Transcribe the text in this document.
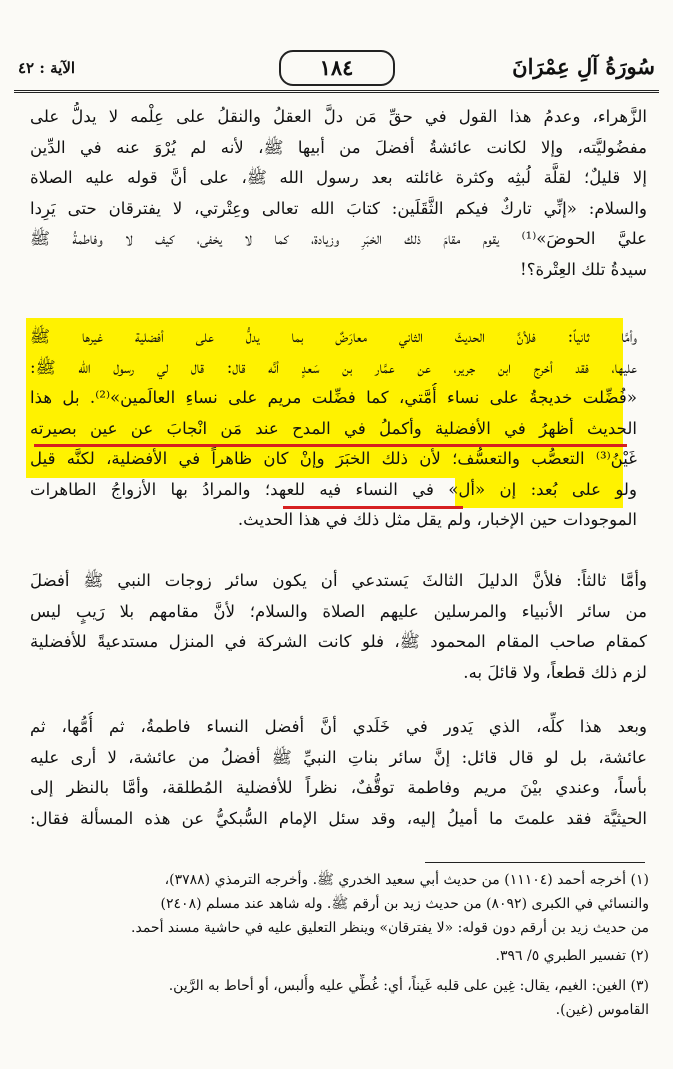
سُورَةُ آلِ عِمْرَانَ
١٨٤
الآية : ٤٢
الزَّهراء، وعدمُ هذا القول في حقِّ مَن دلَّ العقلُ والنقلُ على عِلْمه لا يدلُّ على
مفضُوليَّته، وإلا لكانت عائشةُ أفضلَ من أبيها ﷺ، لأنه لم يُرْوَ عنه في الدِّين
إلا قليلٌ؛ لقلَّة لُبثِه وكثرة غائلته بعد رسول الله ﷺ، على أنَّ قوله عليه الصلاة
والسلام: «إنِّي تاركٌ فيكم الثَّقَلَين: كتابَ الله تعالى وعِتْرتي، لا يفترقان حتى يَرِدا
عليَّ الحوضَ»⁽¹⁾ يقوم مقامَ ذلك الخبَرِ وزيادة، كما لا يخفى، كيف لا وفاطمةُ ﷺ
سيدةُ تلك العِتْرة؟!
وأمَّا ثانياً: فلأنَّ الحديثَ الثاني معارَضٌ بما يدلُّ على أفضلية غيرها ﷺ
عليها، فقد أخرج ابن جرير، عن عمَّار بن سَعدٍ أنَّه قال: قال لي رسول الله ﷺ:
«فُضِّلت خديجةُ على نساء أُمَّتي، كما فضِّلت مريم على نساءِ العالَمين»⁽²⁾. بل هذا
الحديث أظهرُ في الأفضلية وأكملُ في المدح عند مَن انْجابَ عن عين بصيرته
غَيْنُ⁽³⁾ التعصُّب والتعسُّف؛ لأن ذلك الخبَرَ وإنْ كان ظاهراً في الأفضلية، لكنَّه قيل
ولو على بُعد: إن «أل» في النساء فيه للعهد؛ والمرادُ بها الأزواجُ الطاهرات
الموجودات حين الإخبار، ولم يقل مثل ذلك في هذا الحديث.
وأمَّا ثالثاً: فلأنَّ الدليلَ الثالثَ يَستدعي أن يكون سائر زوجات النبي ﷺ أفضلَ
من سائر الأنبياء والمرسلين عليهم الصلاة والسلام؛ لأنَّ مقامهم بلا رَيبٍ ليس
كمقام صاحب المقام المحمود ﷺ، فلو كانت الشركة في المنزل مستدعيةً للأفضلية
لزم ذلك قطعاً، ولا قائلَ به.
وبعد هذا كلِّه، الذي يَدور في خَلَدي أنَّ أفضل النساء فاطمةُ، ثم أُمُّها، ثم
عائشة، بل لو قال قائل: إنَّ سائر بناتِ النبيِّ ﷺ أفضلُ من عائشة، لا أرى عليه
بأساً، وعندي بيْنَ مريم وفاطمة توقُّفٌ، نظراً للأفضلية المُطلقة، وأمَّا بالنظر إلى
الحيثيَّة فقد علمتَ ما أميلُ إليه، وقد سئل الإمام السُّبكيُّ عن هذه المسألة فقال:
(١) أخرجه أحمد (١١١٠٤) من حديث أبي سعيد الخدري ﷺ. وأخرجه الترمذي (٣٧٨٨)،
والنسائي في الكبرى (٨٠٩٢) من حديث زيد بن أرقم ﷺ. وله شاهد عند مسلم (٢٤٠٨)
من حديث زيد بن أرقم دون قوله: «لا يفترقان» وينظر التعليق عليه في حاشية مسند أحمد.
(٢) تفسير الطبري ٥/ ٣٩٦.
(٣) الغين: الغيم، يقال: غِين على قلبه غَيناً، أي: غُطِّي عليه وأُلبس، أو أحاط به الرَّين.
القاموس (غين).
